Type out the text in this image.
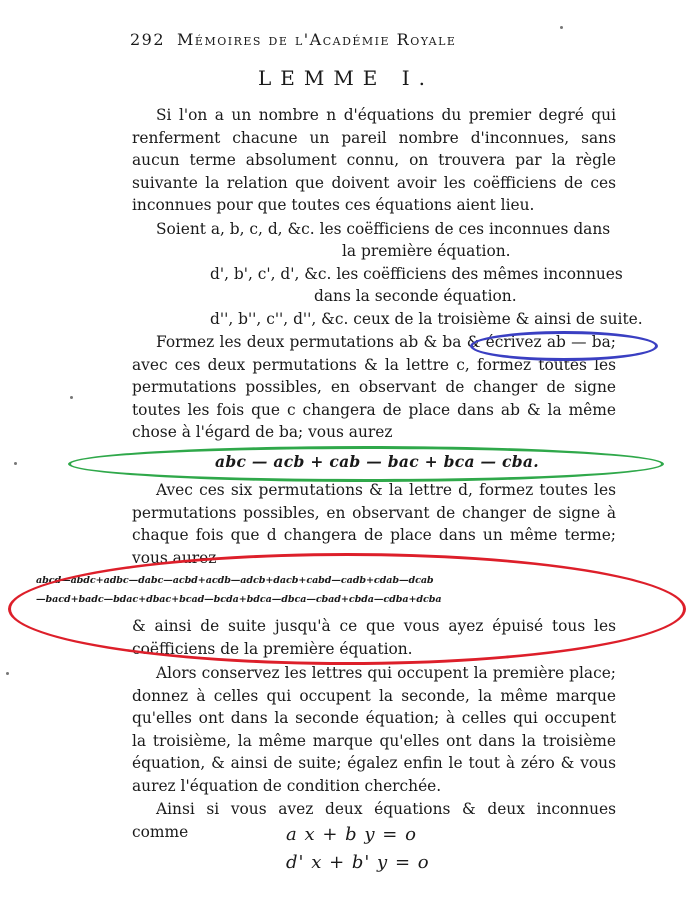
292 Mémoires de l'Académie Royale
LEMME I.

Si l'on a un nombre n d'équations du premier degré qui renferment chacune un pareil nombre d'inconnues, sans aucun terme absolument connu, on trouvera par la règle suivante la relation que doivent avoir les coëfficiens de ces inconnues pour que toutes ces équations aient lieu.

Soient a, b, c, d, &c. les coëfficiens de ces inconnues dans
la première équation.
d', b', c', d', &c. les coëfficiens des mêmes inconnues
dans la seconde équation.
d'', b'', c'', d'', &c. ceux de la troisième & ainsi de suite.

Formez les deux permutations ab & ba & écrivez ab — ba; avec ces deux permutations & la lettre c, formez toutes les permutations possibles, en observant de changer de signe toutes les fois que c changera de place dans ab & la même chose à l'égard de ba; vous aurez

abc — acb + cab — bac + bca — cba.

Avec ces six permutations & la lettre d, formez toutes les permutations possibles, en observant de changer de signe à chaque fois que d changera de place dans un même terme; vous aurez

abcd—abdc+adbc—dabc—acbd+acdb—adcb+dacb+cabd—cadb+cdab—dcab
—bacd+badc—bdac+dbac+bcad—bcda+bdca—dbca—cbad+cbda—cdba+dcba

& ainsi de suite jusqu'à ce que vous ayez épuisé tous les coëfficiens de la première équation.

Alors conservez les lettres qui occupent la première place; donnez à celles qui occupent la seconde, la même marque qu'elles ont dans la seconde équation; à celles qui occupent la troisième, la même marque qu'elles ont dans la troisième équation, & ainsi de suite; égalez enfin le tout à zéro & vous aurez l'équation de condition cherchée.

Ainsi si vous avez deux équations & deux inconnues comme	a x + b y = o
d' x + b' y = o
